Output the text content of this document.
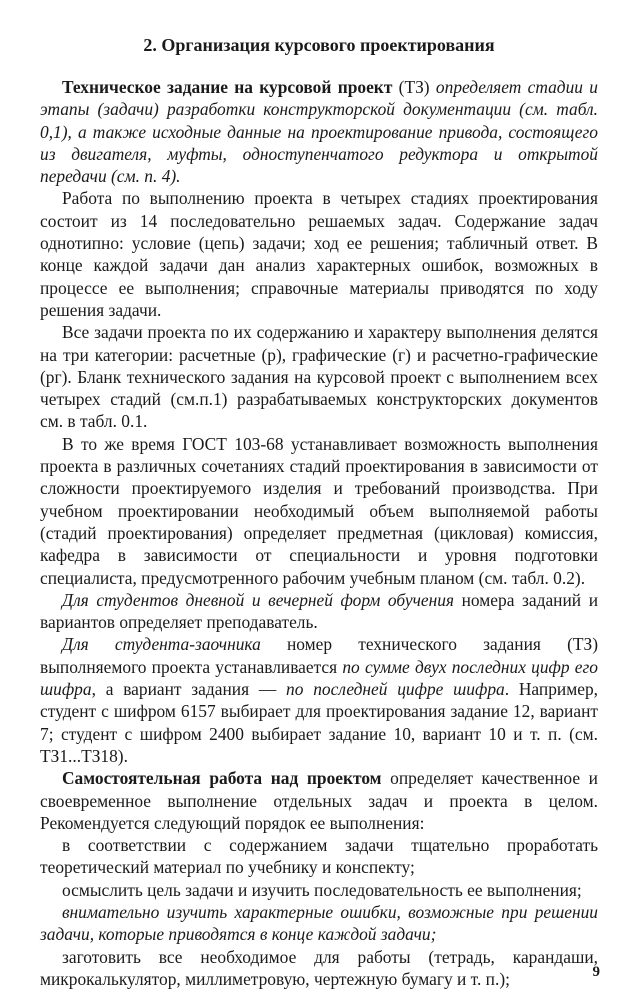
2. Организация курсового проектирования

Техническое задание на курсовой проект (ТЗ) определяет стадии и этапы (задачи) разработки конструкторской документации (см. табл. 0,1), а также исходные данные на проектирование привода, состоящего из двигателя, муфты, одноступенчатого редуктора и открытой передачи (см. п. 4).

Работа по выполнению проекта в четырех стадиях проектирования состоит из 14 последовательно решаемых задач. Содержание задач однотипно: условие (цепь) задачи; ход ее решения; табличный ответ. В конце каждой задачи дан анализ характерных ошибок, возможных в процессе ее выполнения; справочные материалы приводятся по ходу решения задачи.

Все задачи проекта по их содержанию и характеру выполнения делятся на три категории: расчетные (р), графические (г) и расчетно-графические (рг). Бланк технического задания на курсовой проект с выполнением всех четырех стадий (см.п.1) разрабатываемых конструкторских документов см. в табл. 0.1.

В то же время ГОСТ 103-68 устанавливает возможность выполнения проекта в различных сочетаниях стадий проектирования в зависимости от сложности проектируемого изделия и требований производства. При учебном проектировании необходимый объем выполняемой работы (стадий проектирования) определяет предметная (цикловая) комиссия, кафедра в зависимости от специальности и уровня подготовки специалиста, предусмотренного рабочим учебным планом (см. табл. 0.2).

Для студентов дневной и вечерней форм обучения номера заданий и вариантов определяет преподаватель.

Для студента-заочника номер технического задания (ТЗ) выполняемого проекта устанавливается по сумме двух последних цифр его шифра, а вариант задания — по последней цифре шифра. Например, студент с шифром 6157 выбирает для проектирования задание 12, вариант 7; студент с шифром 2400 выбирает задание 10, вариант 10 и т. п. (см. ТЗ1...ТЗ18).

Самостоятельная работа над проектом определяет качественное и своевременное выполнение отдельных задач и проекта в целом. Рекомендуется следующий порядок ее выполнения:

в соответствии с содержанием задачи тщательно проработать теоретический материал по учебнику и конспекту;

осмыслить цель задачи и изучить последовательность ее выполнения;

внимательно изучить характерные ошибки, возможные при решении задачи, которые приводятся в конце каждой задачи;

заготовить все необходимое для работы (тетрадь, карандаши, микрокалькулятор, миллиметровую, чертежную бумагу и т. п.);	9
